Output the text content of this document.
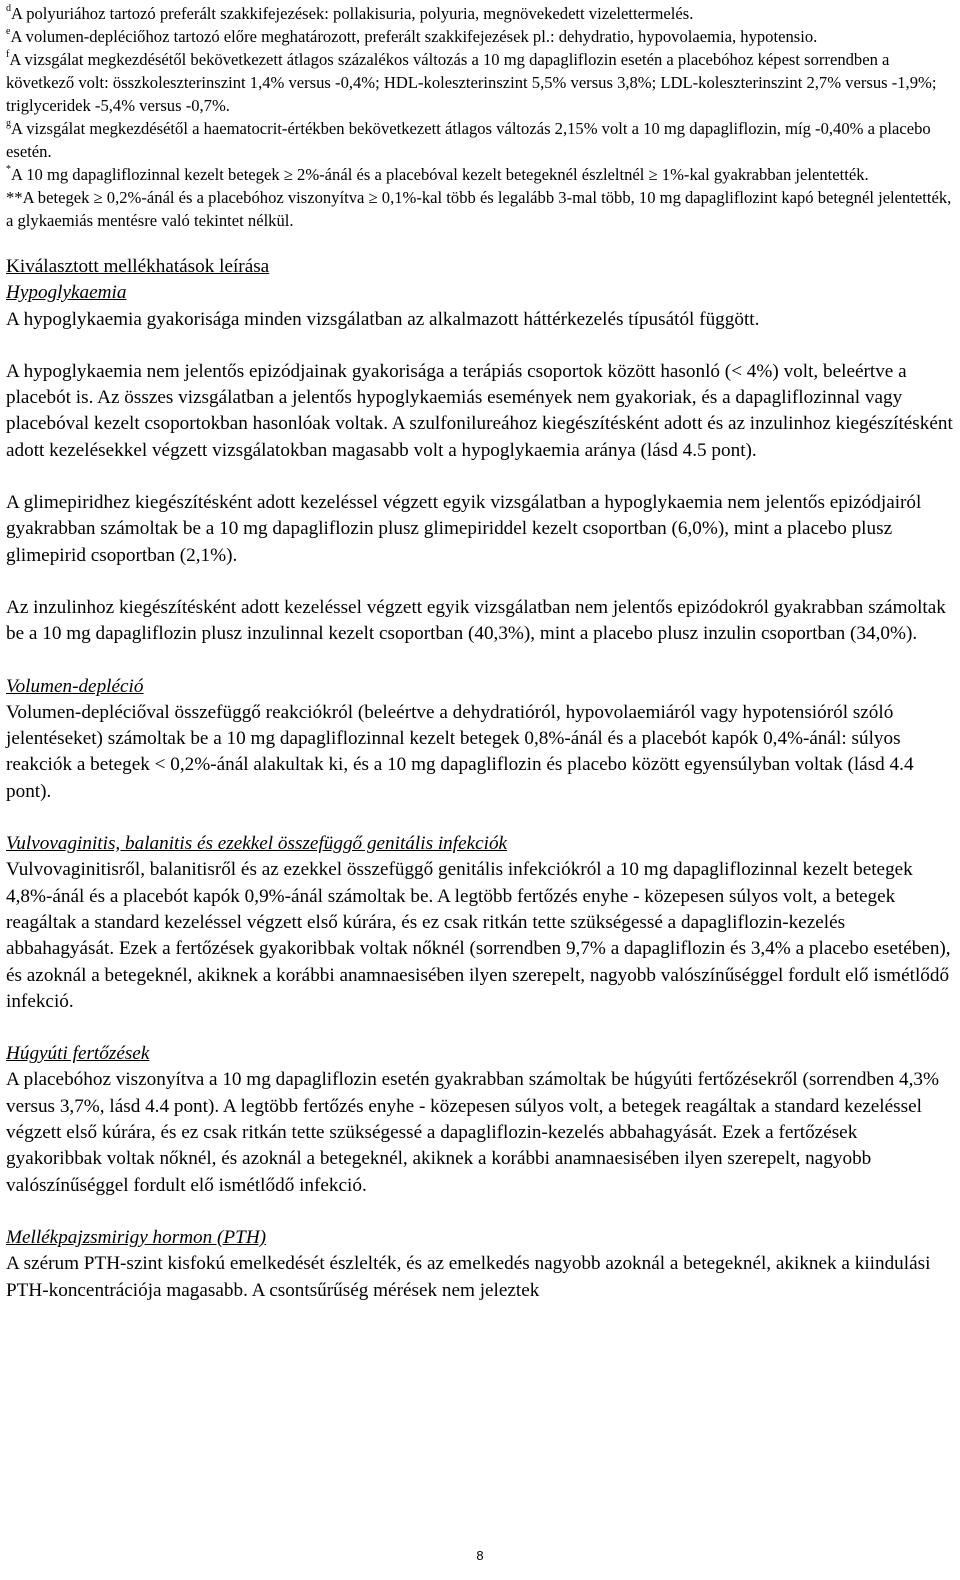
$^d$A polyuriához tartozó preferált szakkifejezések: pollakisuria, polyuria, megnövekedett vizelettermelés.

$^e$A volumen-depléciőhoz tartozó előre meghatározott, preferált szakkifejezések pl.: dehydratio, hypovolaemia, hypotensio.

$^f$A vizsgálat megkezdésétől bekövetkezett átlagos százalékos változás a 10 mg dapagliflozin esetén a placebóhoz képest sorrendben a következő volt: összkoleszterinszint 1,4% versus -0,4%; HDL-koleszterinszint 5,5% versus 3,8%; LDL-koleszterinszint 2,7% versus -1,9%; triglyceridek -5,4% versus -0,7%.

$^g$A vizsgálat megkezdésétől a haematocrit-értékben bekövetkezett átlagos változás 2,15% volt a 10 mg dapagliflozin, míg -0,40% a placebo esetén.

*A 10 mg dapagliflozinnal kezelt betegek ≥ 2%-ánál és a placebóval kezelt betegeknél észleltnél ≥ 1%-kal gyakrabban jelentették.

**A betegek ≥ 0,2%-ánál és a placebóhoz viszonyítva ≥ 0,1%-kal több és legalább 3-mal több, 10 mg dapagliflozint kapó betegnél jelentették, a glykaemiás mentésre való tekintet nélkül.

Kiválasztott mellékhatások leírása

Hypoglykaemia

A hypoglykaemia gyakorisága minden vizsgálatban az alkalmazott háttérkezelés típusától függött.

A hypoglykaemia nem jelentős epizódjainak gyakorisága a terápiás csoportok között hasonló (< 4%) volt, beleértve a placebót is. Az összes vizsgálatban a jelentős hypoglykaemiás események nem gyakoriak, és a dapagliflozinnal vagy placebóval kezelt csoportokban hasonlóak voltak. A szulfonilureához kiegészítésként adott és az inzulinhoz kiegészítésként adott kezelésekkel végzett vizsgálatokban magasabb volt a hypoglykaemia aránya (lásd 4.5 pont).

A glimepiridhez kiegészítésként adott kezeléssel végzett egyik vizsgálatban a hypoglykaemia nem jelentős epizódjairól gyakrabban számoltak be a 10 mg dapagliflozin plusz glimepiriddel kezelt csoportban (6,0%), mint a placebo plusz glimepirid csoportban (2,1%).

Az inzulinhoz kiegészítésként adott kezeléssel végzett egyik vizsgálatban nem jelentős epizódokról gyakrabban számoltak be a 10 mg dapagliflozin plusz inzulinnal kezelt csoportban (40,3%), mint a placebo plusz inzulin csoportban (34,0%).

Volumen-depléció

Volumen-depléciőval összefüggő reakciókról (beleértve a dehydratióról, hypovolaemiáról vagy hypotensióról szóló jelentéseket) számoltak be a 10 mg dapagliflozinnal kezelt betegek 0,8%-ánál és a placebót kapók 0,4%-ánál: súlyos reakciók a betegek < 0,2%-ánál alakultak ki, és a 10 mg dapagliflozin és placebo között egyensúlyban voltak (lásd 4.4 pont).

Vulvovaginitis, balanitis és ezekkel összefüggő genitális infekciók

Vulvovaginitisről, balanitisről és az ezekkel összefüggő genitális infekciókról a 10 mg dapagliflozinnal kezelt betegek 4,8%-ánál és a placebót kapók 0,9%-ánál számoltak be. A legtöbb fertőzés enyhe - közepesen súlyos volt, a betegek reagáltak a standard kezeléssel végzett első kúrára, és ez csak ritkán tette szükségessé a dapagliflozin-kezelés abbahagyását. Ezek a fertőzések gyakoribbak voltak nőknél (sorrendben 9,7% a dapagliflozin és 3,4% a placebo esetében), és azoknál a betegeknél, akiknek a korábbi anamnaesisében ilyen szerepelt, nagyobb valószínűséggel fordult elő ismétlődő infekció.

Húgyúti fertőzések

A placebóhoz viszonyítva a 10 mg dapagliflozin esetén gyakrabban számoltak be húgyúti fertőzésekről (sorrendben 4,3% versus 3,7%, lásd 4.4 pont). A legtöbb fertőzés enyhe - közepesen súlyos volt, a betegek reagáltak a standard kezeléssel végzett első kúrára, és ez csak ritkán tette szükségessé a dapagliflozin-kezelés abbahagyását. Ezek a fertőzések gyakoribbak voltak nőknél, és azoknál a betegeknél, akiknek a korábbi anamnaesisében ilyen szerepelt, nagyobb valószínűséggel fordult elő ismétlődő infekció.

Mellékpajzsmirigy hormon (PTH)

A szérum PTH-szint kisfokú emelkedését észlelték, és az emelkedés nagyobb azoknál a betegeknél, akiknek a kiindulási PTH-koncentrációja magasabb. A csontsűrűség mérések nem jeleztek

8
